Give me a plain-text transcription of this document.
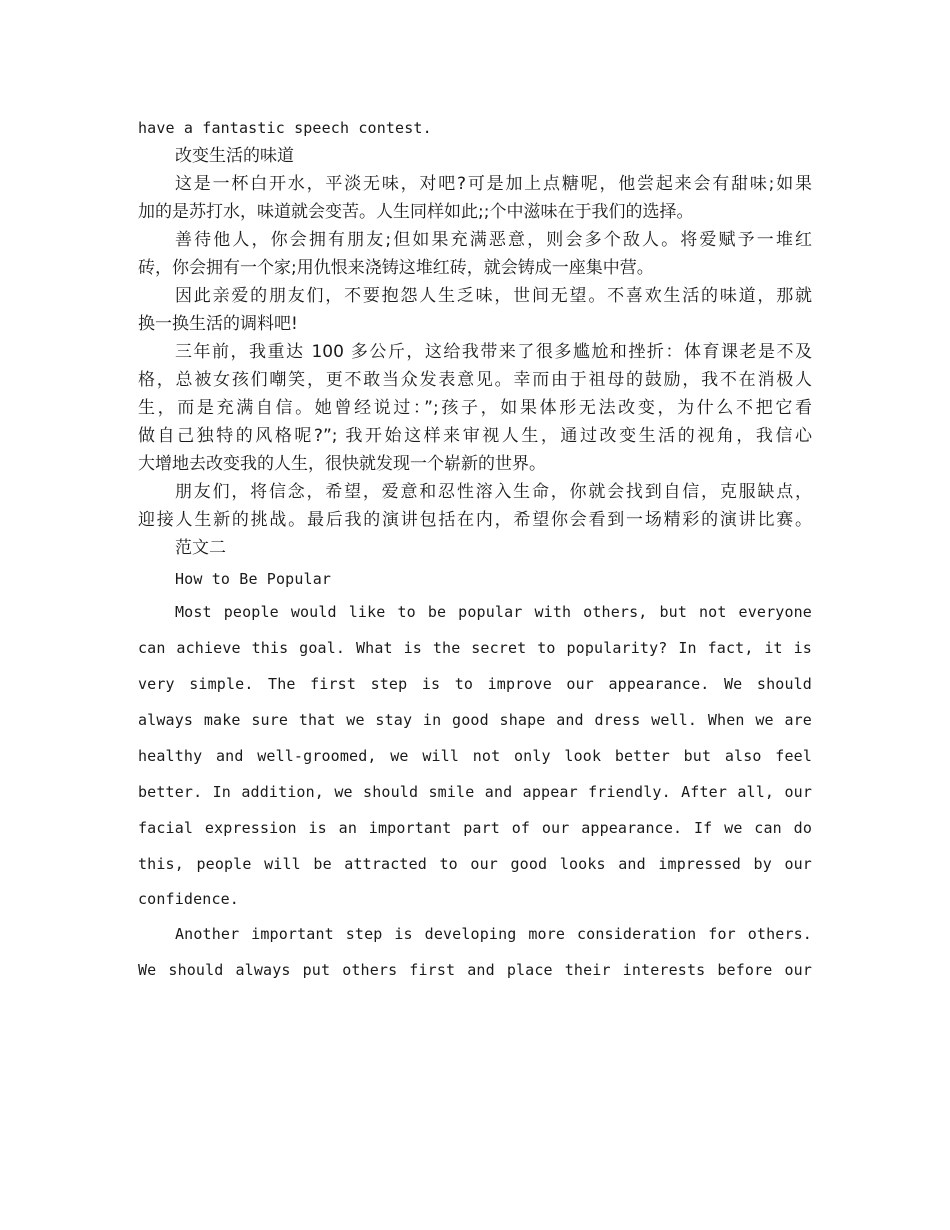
have a fantastic speech contest.

改变生活的味道

这是一杯白开水，平淡无味，对吧?可是加上点糖呢，他尝起来会有甜味;如果

加的是苏打水，味道就会变苦。人生同样如此;;个中滋味在于我们的选择。

善待他人，你会拥有朋友;但如果充满恶意，则会多个敌人。将爱赋予一堆红

砖，你会拥有一个家;用仇恨来浇铸这堆红砖，就会铸成一座集中营。

因此亲爱的朋友们，不要抱怨人生乏味，世间无望。不喜欢生活的味道，那就

换一换生活的调料吧!

三年前，我重达 100 多公斤，这给我带来了很多尴尬和挫折：体育课老是不及

格，总被女孩们嘲笑，更不敢当众发表意见。幸而由于祖母的鼓励，我不在消极人

生，而是充满自信。她曾经说过：”;孩子，如果体形无法改变，为什么不把它看

做自己独特的风格呢?”; 我开始这样来审视人生，通过改变生活的视角，我信心

大增地去改变我的人生，很快就发现一个崭新的世界。

朋友们，将信念，希望，爱意和忍性溶入生命，你就会找到自信，克服缺点，

迎接人生新的挑战。最后我的演讲包括在内，希望你会看到一场精彩的演讲比赛。

范文二

How to Be Popular

Most people would like to be popular with others, but not everyone

can achieve this goal. What is the secret to popularity? In fact, it is

very simple. The first step is to improve our appearance. We should

always make sure that we stay in good shape and dress well. When we are

healthy and well-groomed, we will not only look better but also feel

better. In addition, we should smile and appear friendly. After all, our

facial expression is an important part of our appearance. If we can do

this, people will be attracted to our good looks and impressed by our

confidence.

Another important step is developing more consideration for others.

We should always put others first and place their interests before our
